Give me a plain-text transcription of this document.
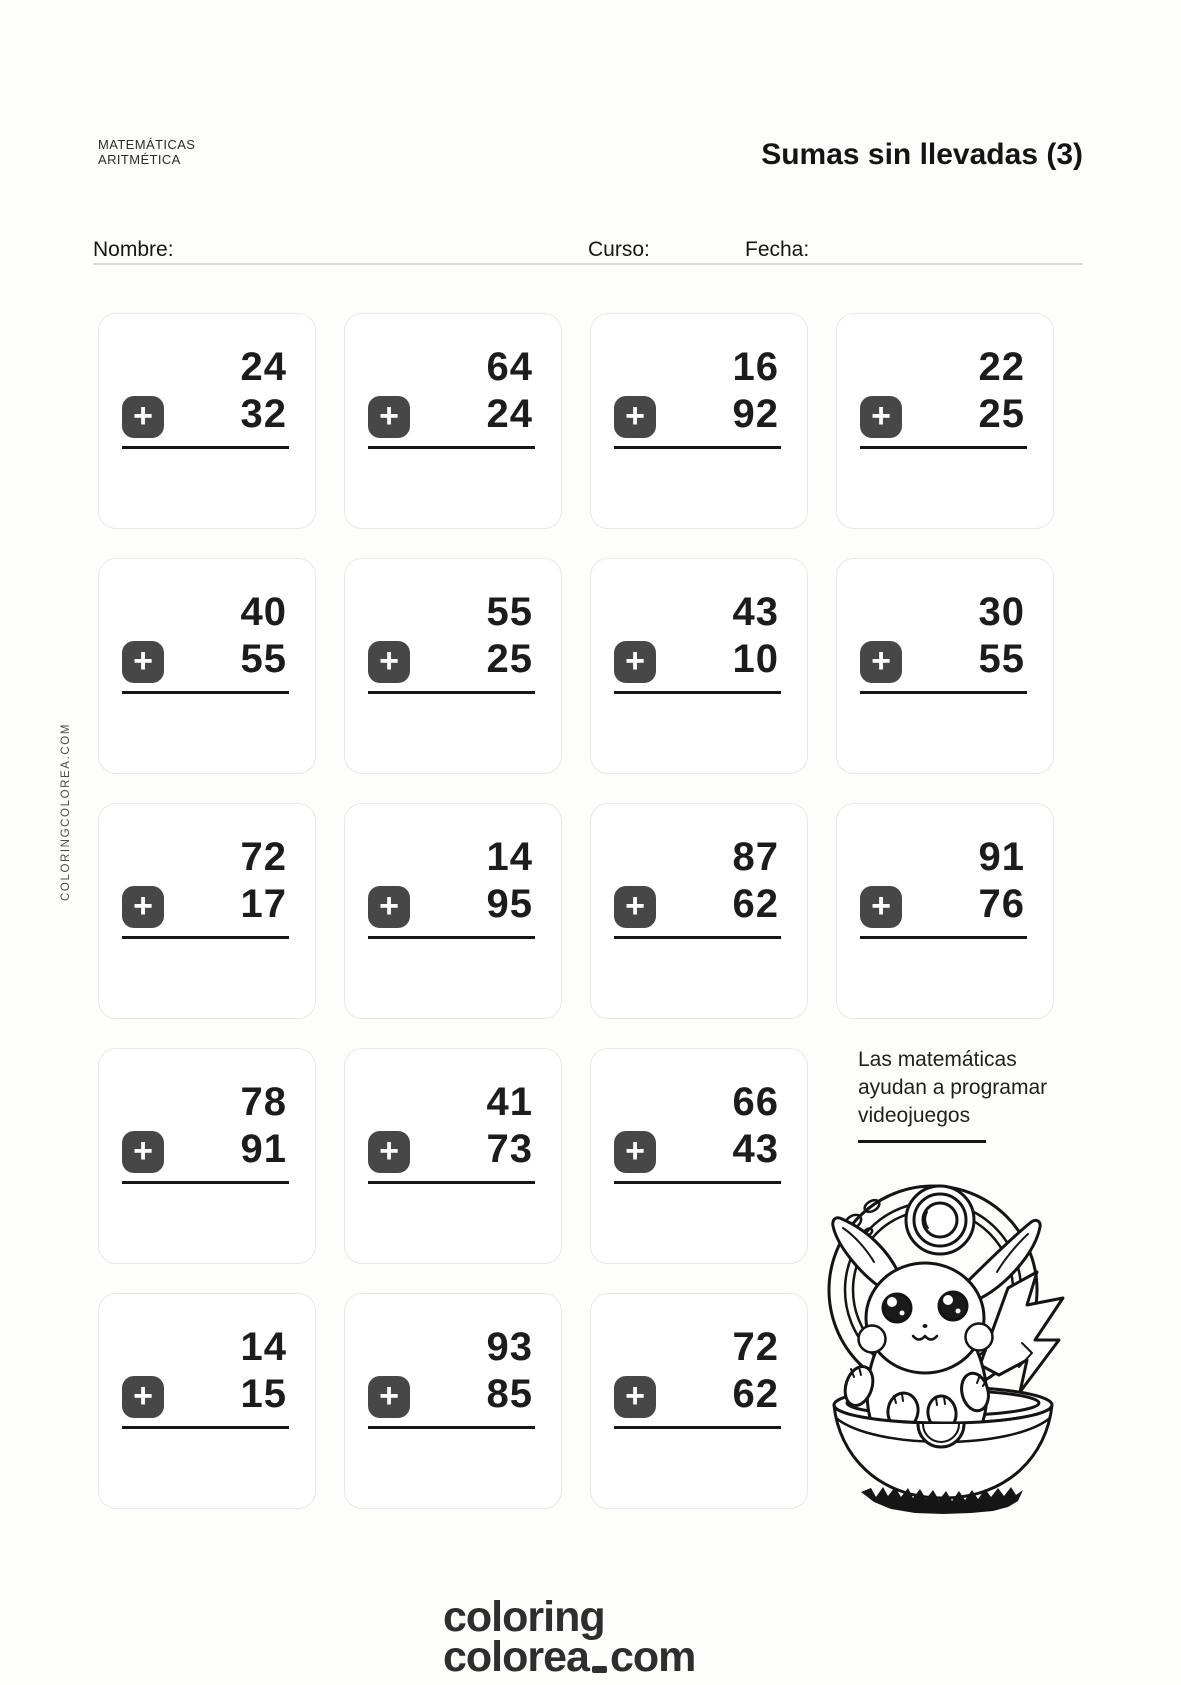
MATEMÁTICAS
ARITMÉTICA	Sumas sin llevadas (3)
Nombre:	Curso:	Fecha:
COLORINGCOLOREA.COM
+
24
32	+
64
24	+
16
92	+
22
25
+
40
55	+
55
25	+
43
10	+
30
55
+
72
17	+
14
95	+
87
62	+
91
76
+
78
91	+
41
73	+
66
43
+
14
15	+
93
85	+
72
62
Las matemáticas
ayudan a programar
videojuegos
coloring
colorea com
